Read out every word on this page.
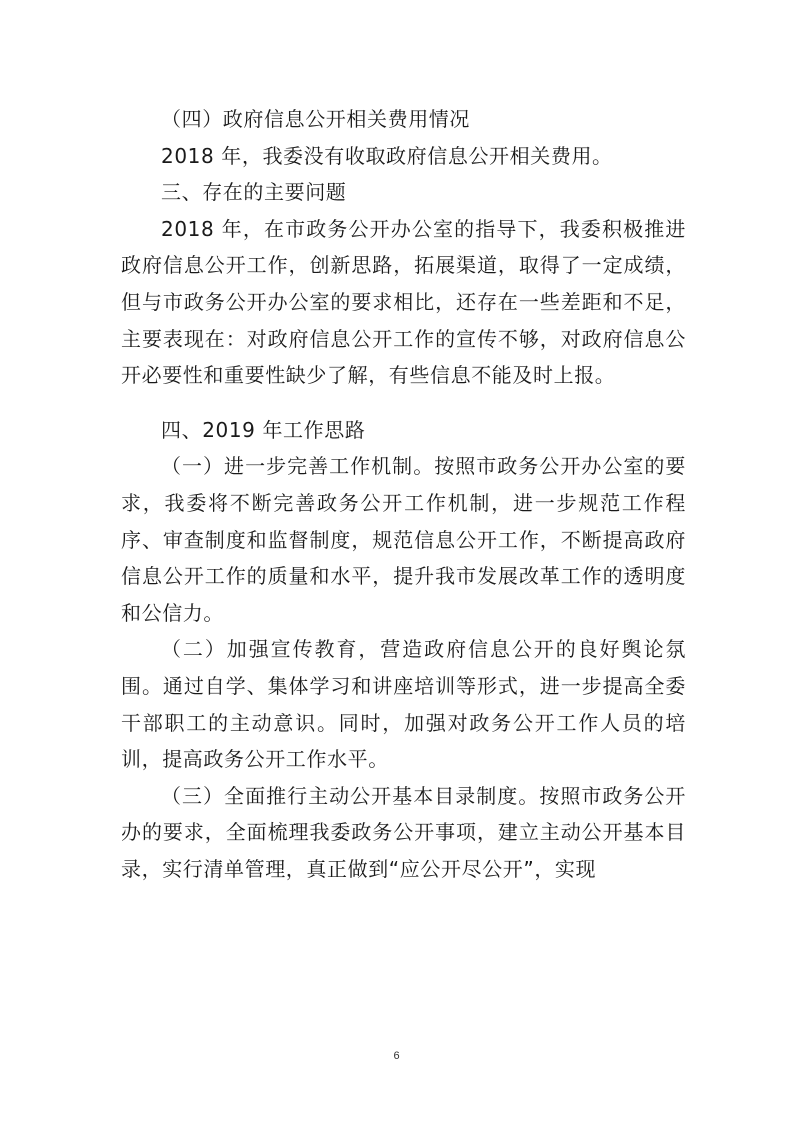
（四）政府信息公开相关费用情况

2018 年，我委没有收取政府信息公开相关费用。

三、存在的主要问题

2018 年，在市政务公开办公室的指导下，我委积极推进政府信息公开工作，创新思路，拓展渠道，取得了一定成绩，但与市政务公开办公室的要求相比，还存在一些差距和不足，主要表现在：对政府信息公开工作的宣传不够，对政府信息公开必要性和重要性缺少了解，有些信息不能及时上报。

四、2019 年工作思路

（一）进一步完善工作机制。按照市政务公开办公室的要求，我委将不断完善政务公开工作机制，进一步规范工作程序、审查制度和监督制度，规范信息公开工作，不断提高政府信息公开工作的质量和水平，提升我市发展改革工作的透明度和公信力。

（二）加强宣传教育，营造政府信息公开的良好舆论氛围。通过自学、集体学习和讲座培训等形式，进一步提高全委干部职工的主动意识。同时，加强对政务公开工作人员的培训，提高政务公开工作水平。

（三）全面推行主动公开基本目录制度。按照市政务公开办的要求，全面梳理我委政务公开事项，建立主动公开基本目录，实行清单管理，真正做到“应公开尽公开”，实现

6
